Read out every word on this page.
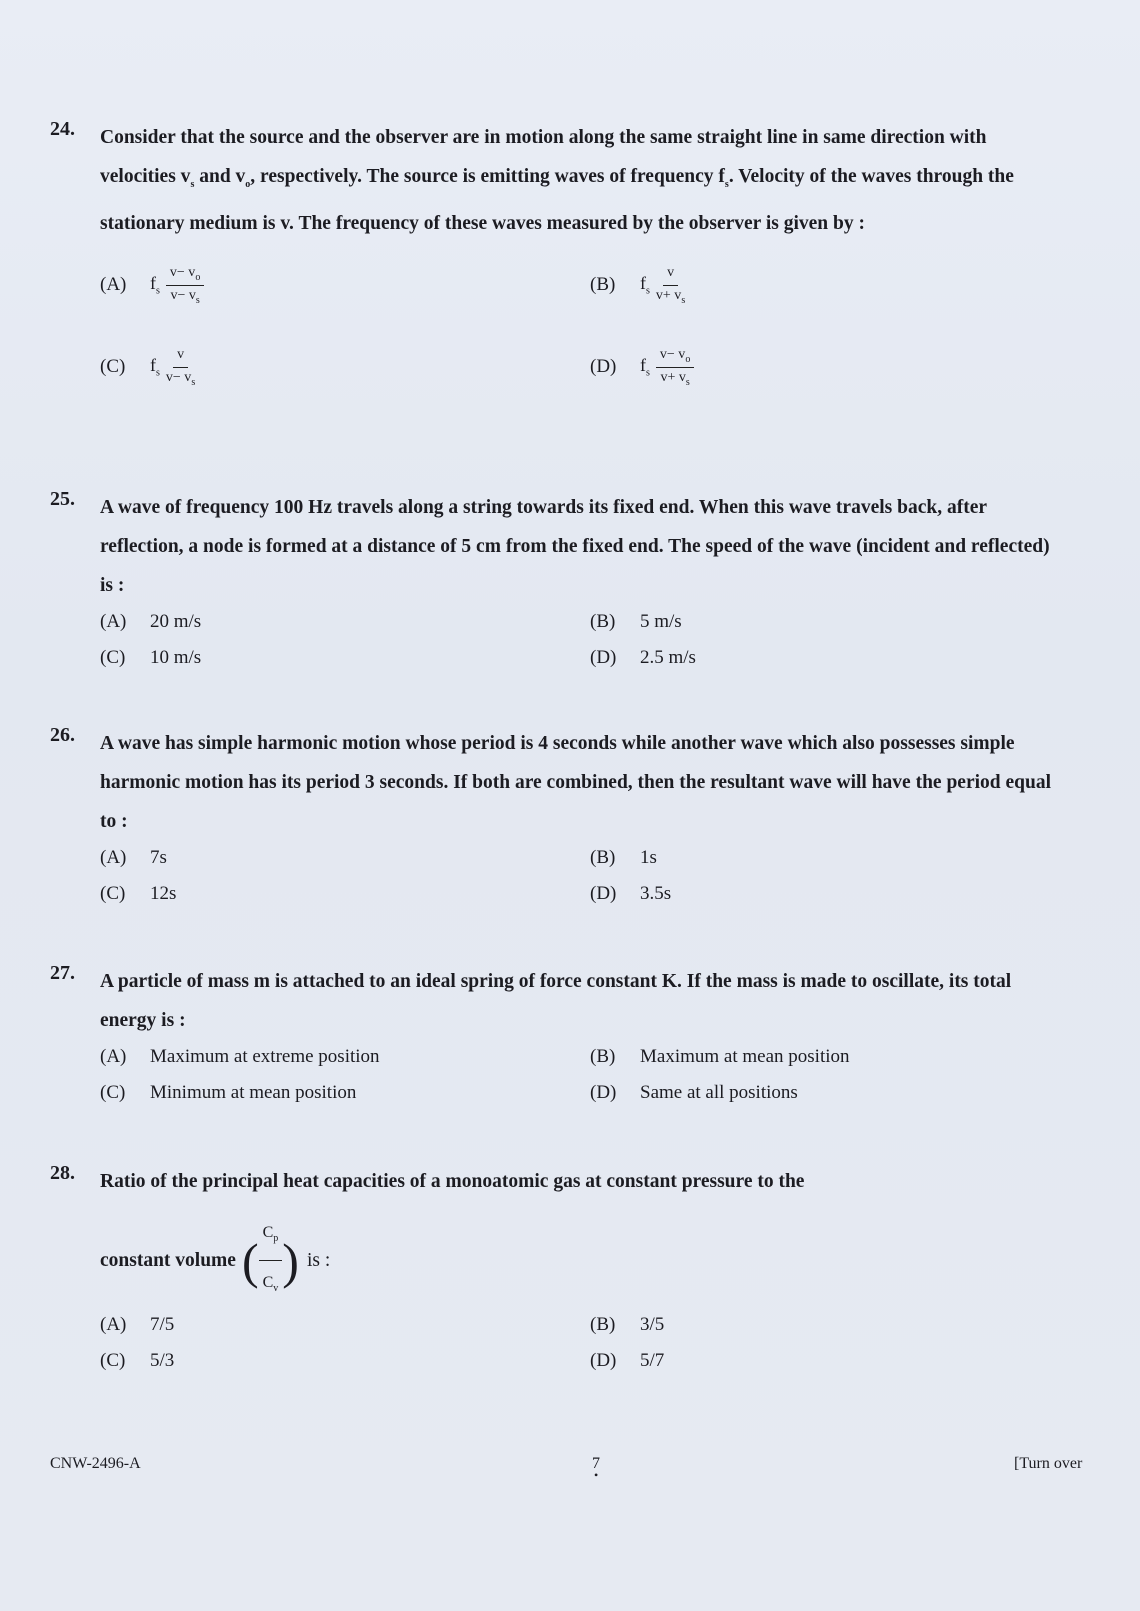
24. Consider that the source and the observer are in motion along the same straight line in same direction with velocities $v_s$ and $v_o$, respectively. The source is emitting waves of frequency $f_s$. Velocity of the waves through the stationary medium is v. The frequency of these waves measured by the observer is given by :
(A)	$f_s \frac{v- v_o}{v- v_s}$	(B)	$f_s \frac{v}{v+ v_s}$
(C)	$f_s \frac{v}{v- v_s}$	(D)	$f_s \frac{v- v_o}{v+ v_s}$
25. A wave of frequency 100 Hz travels along a string towards its fixed end. When this wave travels back, after reflection, a node is formed at a distance of 5 cm from the fixed end. The speed of the wave (incident and reflected) is :
(A)	20 m/s	(B)	5 m/s
(C)	10 m/s	(D)	2.5 m/s
26. A wave has simple harmonic motion whose period is 4 seconds while another wave which also possesses simple harmonic motion has its period 3 seconds. If both are combined, then the resultant wave will have the period equal to :
(A)	7s	(B)	1s
(C)	12s	(D)	3.5s
27. A particle of mass m is attached to an ideal spring of force constant K. If the mass is made to oscillate, its total energy is :
(A)	Maximum at extreme position	(B)	Maximum at mean position
(C)	Minimum at mean position	(D)	Same at all positions
28. Ratio of the principal heat capacities of a monoatomic gas at constant pressure to the
constant volume ( $\frac{C_p}{C_v}$ ) is :
(A)	7/5	(B)	3/5
(C)	5/3	(D)	5/7
CNW-2496-A	7
•
[Turn over
